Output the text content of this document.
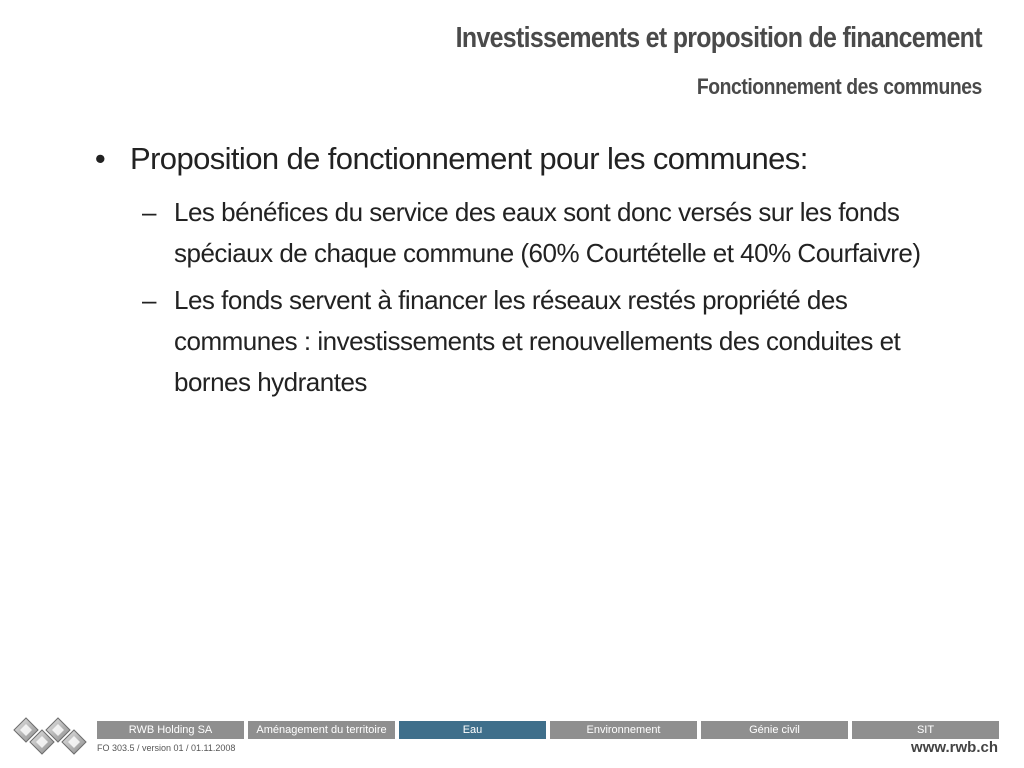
Investissements et proposition de financement
Fonctionnement des communes
• Proposition de fonctionnement pour les communes:
– Les bénéfices du service des eaux sont donc versés sur les fonds spéciaux de chaque commune (60% Courtételle et 40% Courfaivre)
– Les fonds servent à financer les réseaux restés propriété des communes : investissements et renouvellements des conduites et bornes hydrantes
RWB Holding SA	Aménagement du territoire	Eau	Environnement	Génie civil	SIT
FO 303.5 / version 01 / 01.11.2008	www.rwb.ch
